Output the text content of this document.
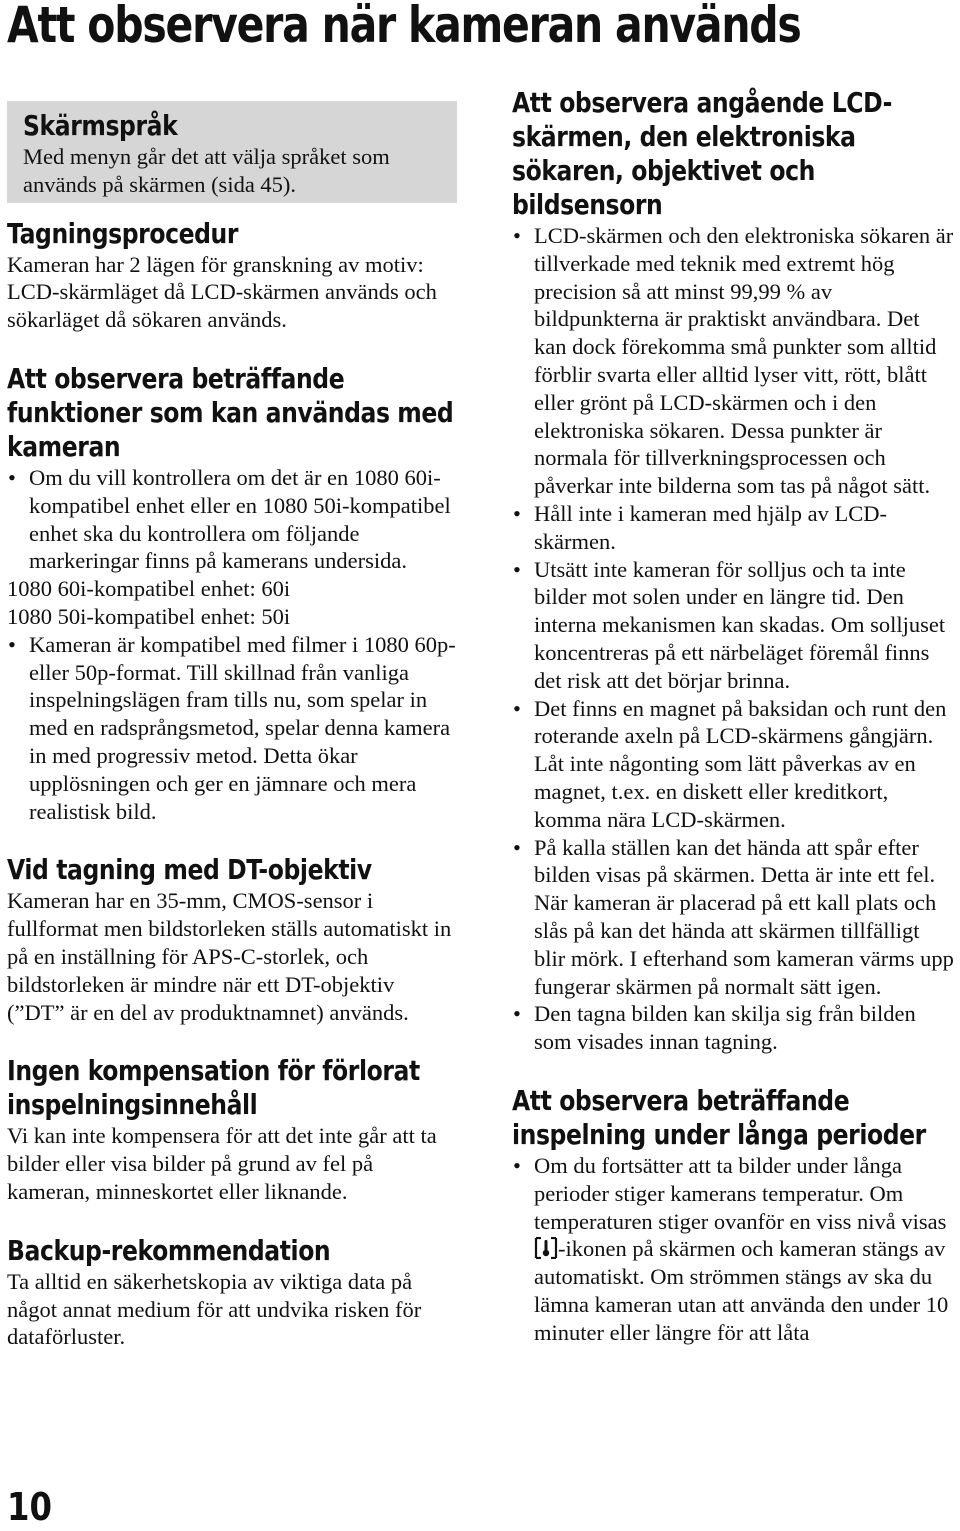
Att observera när kameran används
Skärmspråk

Med menyn går det att välja språket som används på skärmen (sida 45).

Tagningsprocedur

Kameran har 2 lägen för granskning av motiv: LCD-skärmläget då LCD-skärmen används och sökarläget då sökaren används.

Att observera beträffande funktioner som kan användas med kameran
• Om du vill kontrollera om det är en 1080 60i-kompatibel enhet eller en 1080 50i-kompatibel enhet ska du kontrollera om följande markeringar finns på kamerans undersida.
1080 60i-kompatibel enhet: 60i
1080 50i-kompatibel enhet: 50i
• Kameran är kompatibel med filmer i 1080 60p- eller 50p-format. Till skillnad från vanliga inspelningslägen fram tills nu, som spelar in med en radsprångsmetod, spelar denna kamera in med progressiv metod. Detta ökar upplösningen och ger en jämnare och mera realistisk bild.
Vid tagning med DT-objektiv

Kameran har en 35-mm, CMOS-sensor i fullformat men bildstorleken ställs automatiskt in på en inställning för APS-C-storlek, och bildstorleken är mindre när ett DT-objektiv (”DT” är en del av produktnamnet) används.

Ingen kompensation för förlorat inspelningsinnehåll

Vi kan inte kompensera för att det inte går att ta bilder eller visa bilder på grund av fel på kameran, minneskortet eller liknande.

Backup-rekommendation

Ta alltid en säkerhetskopia av viktiga data på något annat medium för att undvika risken för dataförluster.

Att observera angående LCD-skärmen, den elektroniska sökaren, objektivet och bildsensorn
• LCD-skärmen och den elektroniska sökaren är tillverkade med teknik med extremt hög precision så att minst 99,99 % av bildpunkterna är praktiskt användbara. Det kan dock förekomma små punkter som alltid förblir svarta eller alltid lyser vitt, rött, blått eller grönt på LCD-skärmen och i den elektroniska sökaren. Dessa punkter är normala för tillverkningsprocessen och påverkar inte bilderna som tas på något sätt.
• Håll inte i kameran med hjälp av LCD-skärmen.
• Utsätt inte kameran för solljus och ta inte bilder mot solen under en längre tid. Den interna mekanismen kan skadas. Om solljuset koncentreras på ett närbeläget föremål finns det risk att det börjar brinna.
• Det finns en magnet på baksidan och runt den roterande axeln på LCD-skärmens gångjärn. Låt inte någonting som lätt påverkas av en magnet, t.ex. en diskett eller kreditkort, komma nära LCD-skärmen.
• På kalla ställen kan det hända att spår efter bilden visas på skärmen. Detta är inte ett fel. När kameran är placerad på ett kall plats och slås på kan det hända att skärmen tillfälligt blir mörk. I efterhand som kameran värms upp fungerar skärmen på normalt sätt igen.
• Den tagna bilden kan skilja sig från bilden som visades innan tagning.
Att observera beträffande inspelning under långa perioder
• Om du fortsätter att ta bilder under långa perioder stiger kamerans temperatur. Om temperaturen stiger ovanför en viss nivå visas -ikonen på skärmen och kameran stängs av automatiskt. Om strömmen stängs av ska du lämna kameran utan att använda den under 10 minuter eller längre för att låta
10
